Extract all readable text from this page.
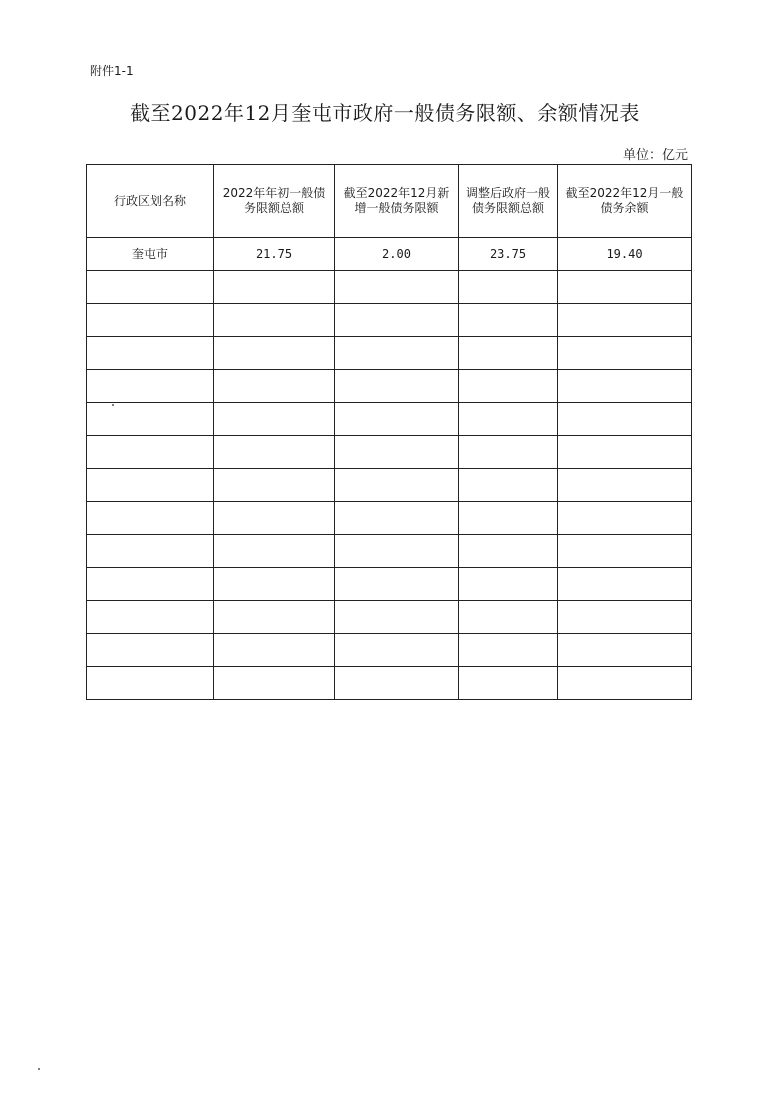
附件1-1
截至2022年12月奎屯市政府一般债务限额、余额情况表
单位：亿元
行政区划名称	2022年年初一般债务限额总额	截至2022年12月新增一般债务限额	调整后政府一般债务限额总额	截至2022年12月一般债务余额

奎屯市	21.75	2.00	23.75	19.40
